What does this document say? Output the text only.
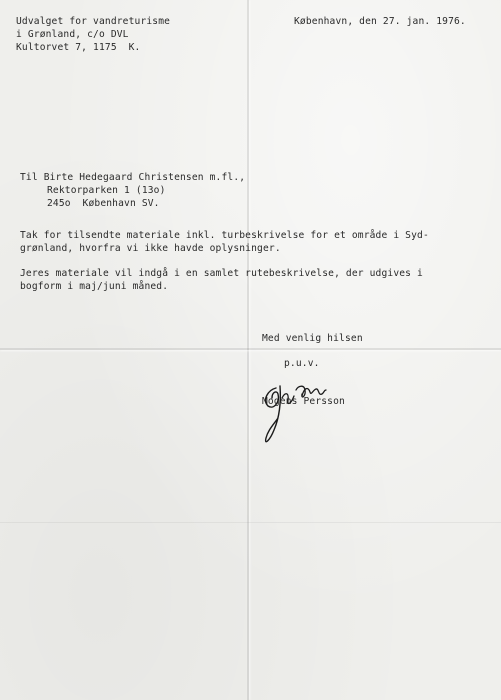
Udvalget for vandreturisme
i Grønland, c/o DVL
Kultorvet 7, 1175  K.
København, den 27. jan. 1976.
Til Birte Hedegaard Christensen m.fl.,
Rektorparken 1 (13o)
245o  København SV.
Tak for tilsendte materiale inkl. turbeskrivelse for et område i Syd-
grønland, hvorfra vi ikke havde oplysninger.
Jeres materiale vil indgå i en samlet rutebeskrivelse, der udgives i
bogform i maj/juni måned.
Med venlig hilsen
p.u.v.
Mogens Persson
